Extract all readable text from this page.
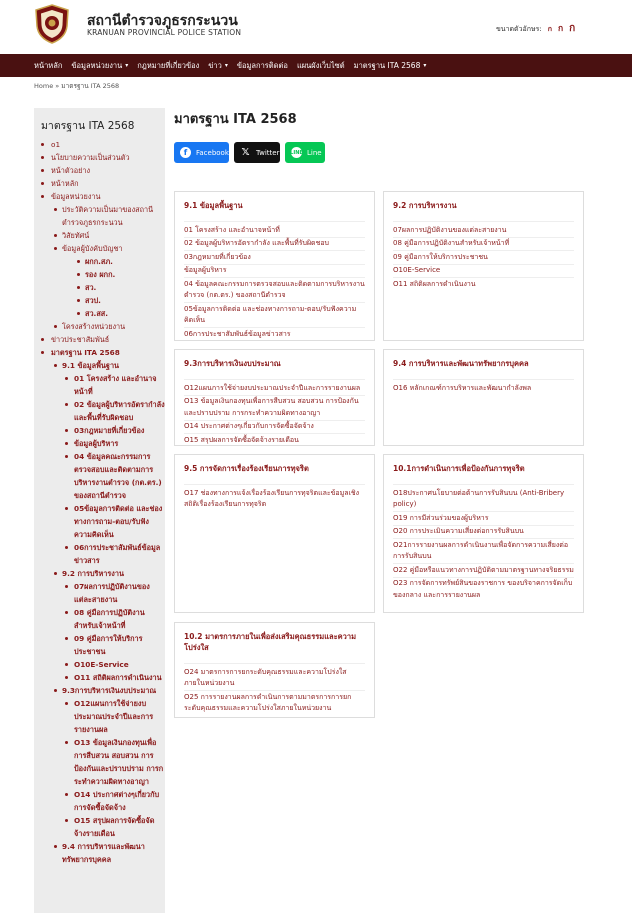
สถานีตำรวจภูธรกระนวน
KRANUAN PROVINCIAL POLICE STATION	ขนาดตัวอักษร: ก ก ก
หน้าหลัก ข้อมูลหน่วยงาน ▾ กฎหมายที่เกี่ยวข้อง ข่าว ▾ ข้อมูลการติดต่อ แผนผังเว็บไซต์ มาตรฐาน ITA 2568 ▾
Home » มาตรฐาน ITA 2568
มาตรฐาน ITA 2568
o1
นโยบายความเป็นส่วนตัว
หน้าตัวอย่าง
หน้าหลัก
ข้อมูลหน่วยงาน
ประวัติความเป็นมาของสถานีตำรวจภูธรกระนวน
วิสัยทัศน์
ข้อมูลผู้บังคับบัญชา
ผกก.สภ.
รอง ผกก.
สว.
สวป.
สว.สส.
โครงสร้างหน่วยงาน
ข่าวประชาสัมพันธ์
มาตรฐาน ITA 2568
9.1 ข้อมูลพื้นฐาน
01 โครงสร้าง และอำนาจหน้าที่
02 ข้อมูลผู้บริหารอัตรากำลัง และพื้นที่รับผิดชอบ
03กฎหมายที่เกี่ยวข้อง
ข้อมูลผู้บริหาร
04 ข้อมูลคณะกรรมการตรวจสอบและติดตามการบริหารงานตำรวจ (กต.ตร.) ของสถานีตำรวจ
05ข้อมูลการติดต่อ และช่องทางการถาม-ตอบ/รับฟังความคิดเห็น
06การประชาสัมพันธ์ข้อมูลข่าวสาร
9.2 การบริหารงาน
07ผลการปฏิบัติงานของแต่ละสายงาน
08 คู่มือการปฏิบัติงานสำหรับเจ้าหน้าที่
09 คู่มือการให้บริการประชาชน
O10E-Service
O11 สถิติผลการดำเนินงาน
9.3การบริหารเงินงบประมาณ
O12แผนการใช้จ่ายงบประมาณประจำปีและการรายงานผล
O13 ข้อมูลเงินกองทุนเพื่อการสืบสวน สอบสวน การป้องกันและปราบปราม การกระทำความผิดทางอาญา
O14 ประกาศต่างๆเกี่ยวกับการจัดซื้อจัดจ้าง
O15 สรุปผลการจัดซื้อจัดจ้างรายเดือน
9.4 การบริหารและพัฒนาทรัพยากรบุคคล
มาตรฐาน ITA 2568
f	Facebook 𝕏 Twitter LINE Line
9.1 ข้อมูลพื้นฐาน
01 โครงสร้าง และอำนาจหน้าที่
02 ข้อมูลผู้บริหารอัตรากำลัง และพื้นที่รับผิดชอบ
03กฎหมายที่เกี่ยวข้อง
ข้อมูลผู้บริหาร
04 ข้อมูลคณะกรรมการตรวจสอบและติดตามการบริหารงานตำรวจ (กต.ตร.) ของสถานีตำรวจ
05ข้อมูลการติดต่อ และช่องทางการถาม-ตอบ/รับฟังความคิดเห็น
06การประชาสัมพันธ์ข้อมูลข่าวสาร
9.2 การบริหารงาน
07ผลการปฏิบัติงานของแต่ละสายงาน
08 คู่มือการปฏิบัติงานสำหรับเจ้าหน้าที่
09 คู่มือการให้บริการประชาชน
O10E-Service
O11 สถิติผลการดำเนินงาน
9.3การบริหารเงินงบประมาณ
O12แผนการใช้จ่ายงบประมาณประจำปีและการรายงานผล
O13 ข้อมูลเงินกองทุนเพื่อการสืบสวน สอบสวน การป้องกันและปราบปราม การกระทำความผิดทางอาญา
O14 ประกาศต่างๆเกี่ยวกับการจัดซื้อจัดจ้าง
O15 สรุปผลการจัดซื้อจัดจ้างรายเดือน
9.4 การบริหารและพัฒนาทรัพยากรบุคคล
O16 หลักเกณฑ์การบริหารและพัฒนากำลังพล
9.5 การจัดการเรื่องร้องเรียนการทุจริต
O17 ช่องทางการแจ้งเรื่องร้องเรียนการทุจริตและข้อมูลเชิงสถิติเรื่องร้องเรียนการทุจริต
10.1การดำเนินการเพื่อป้องกันการทุจริต
O18ประกาศนโยบายต่อต้านการรับสินบน (Anti-Bribery policy)
O19 การมีส่วนร่วมของผู้บริหาร
O20 การประเมินความเสี่ยงต่อการรับสินบน
O21การรายงานผลการดำเนินงานเพื่อจัดการความเสี่ยงต่อการรับสินบน
O22 คู่มือหรือแนวทางการปฏิบัติตามมาตรฐานทางจริยธรรม
O23 การจัดการทรัพย์สินของราชการ ของบริจาคการจัดเก็บของกลาง และการรายงานผล
10.2 มาตรการภายในเพื่อส่งเสริมคุณธรรมและความโปร่งใส
O24 มาตรการการยกระดับคุณธรรมและความโปร่งใสภายในหน่วยงาน
O25 การรายงานผลการดำเนินการตามมาตรการการยกระดับคุณธรรมและความโปร่งใสภายในหน่วยงาน
